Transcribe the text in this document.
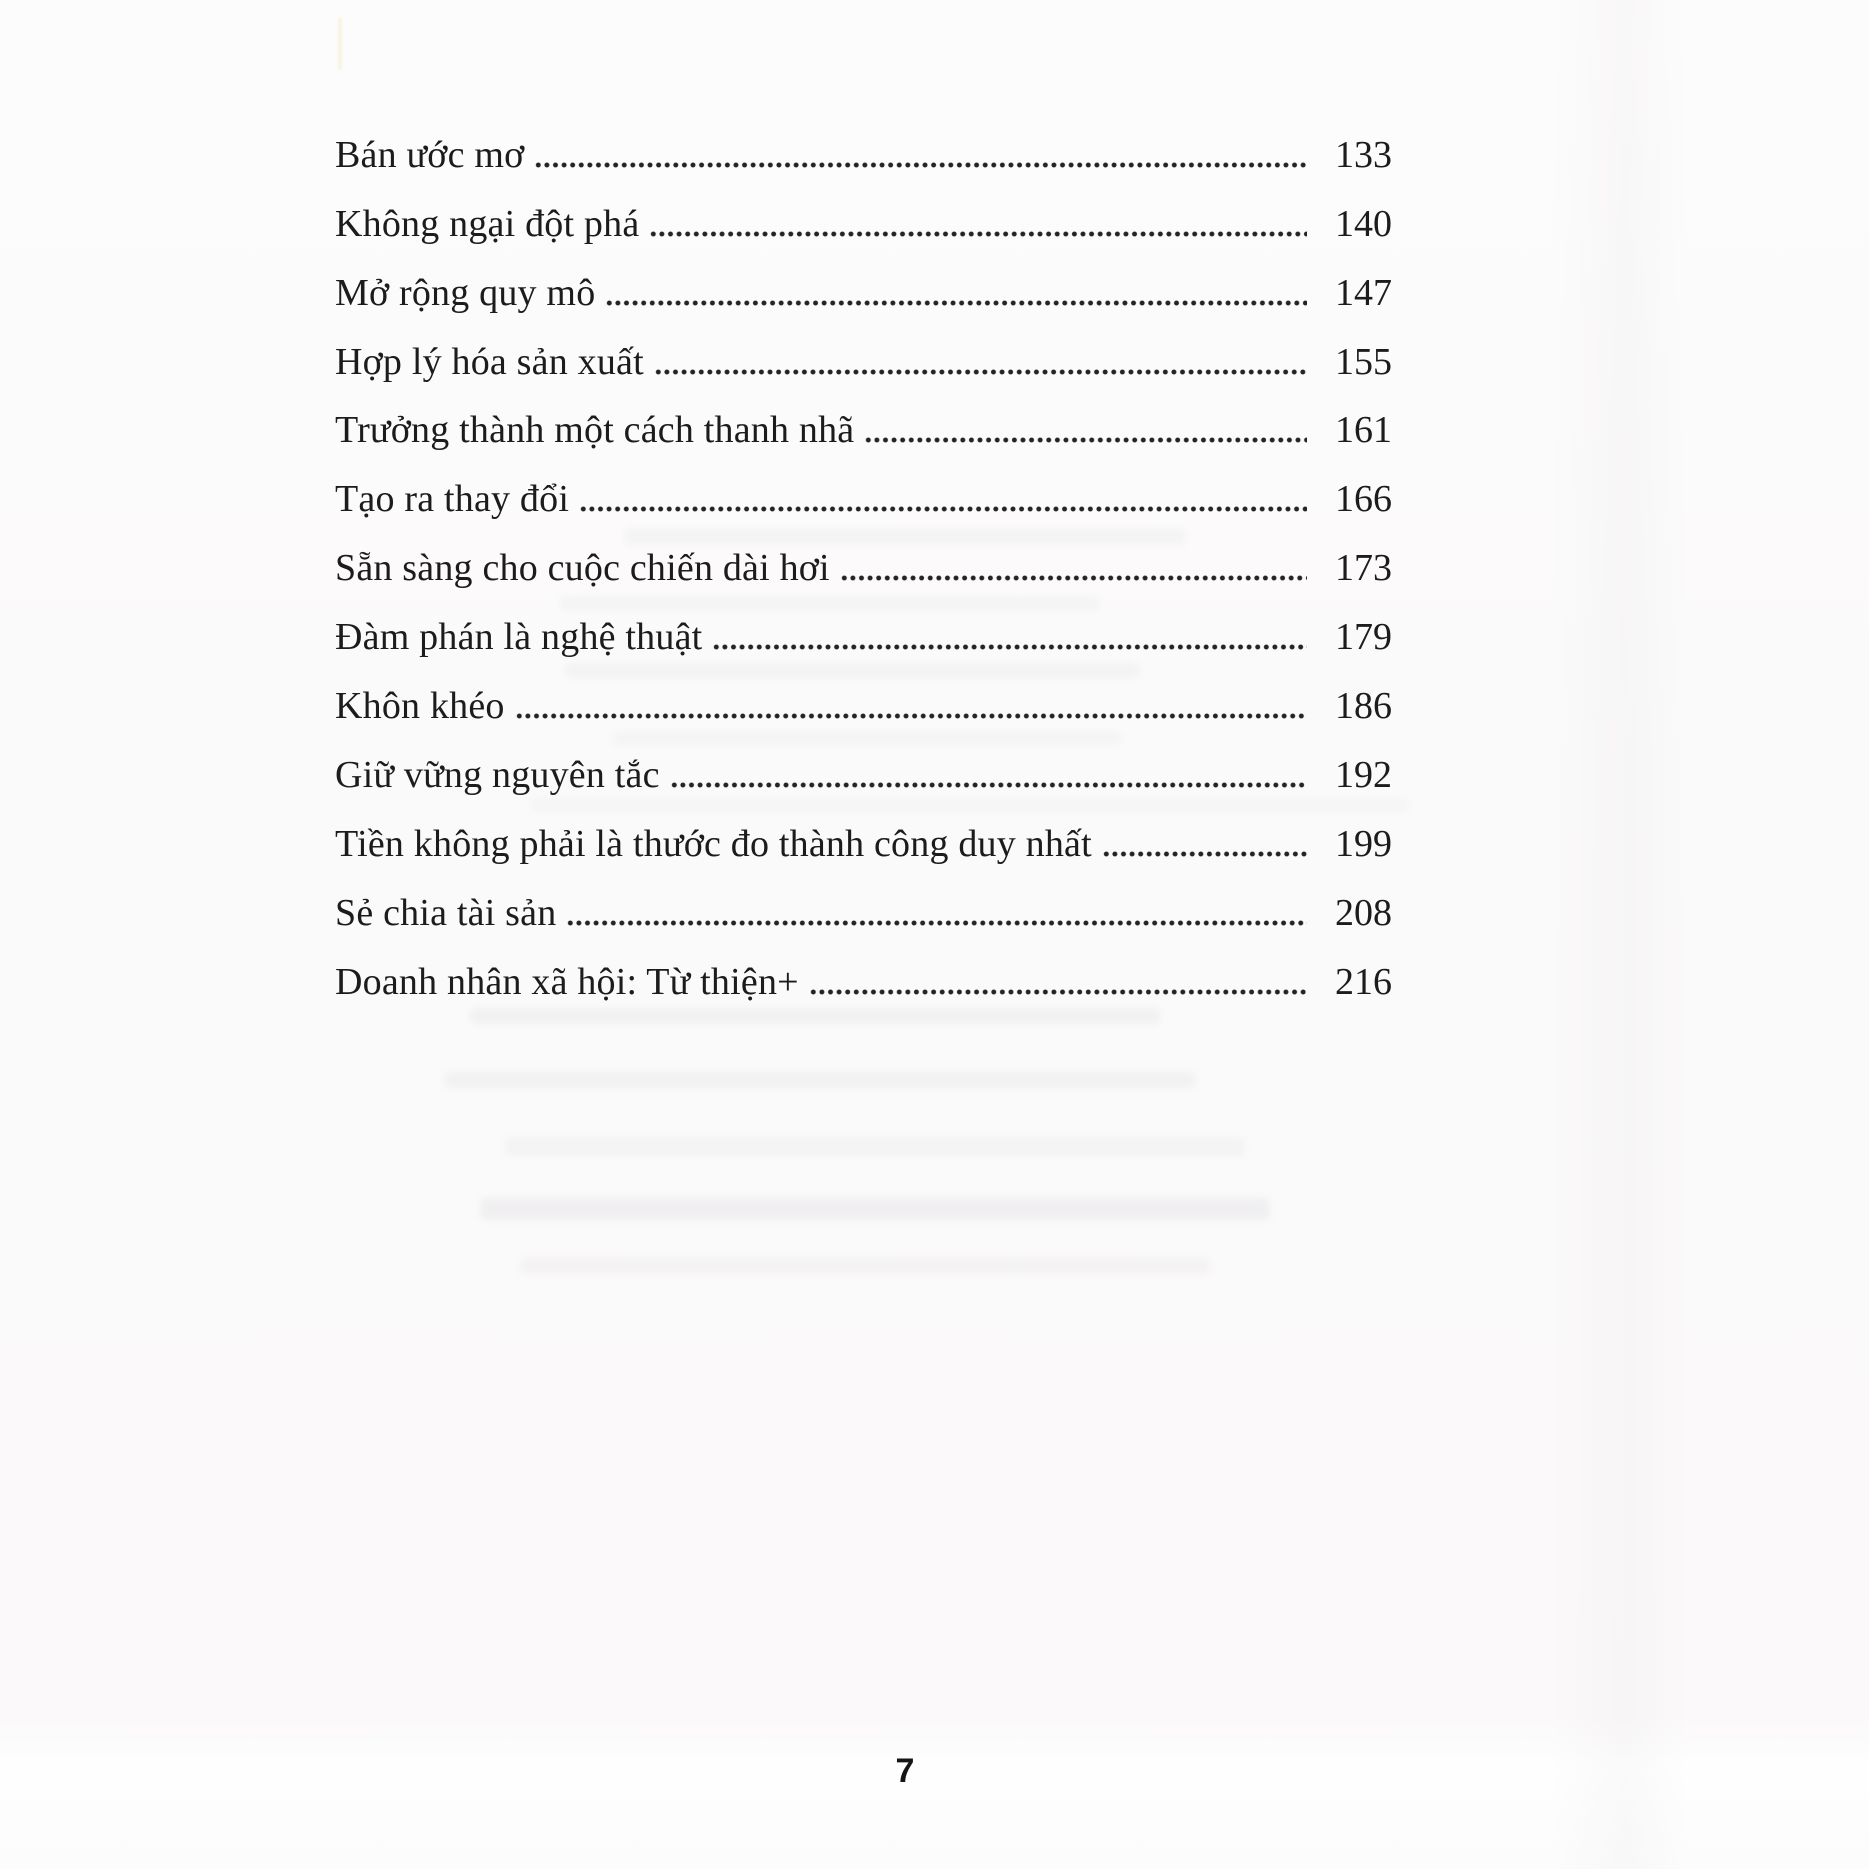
Bán ước mơ	133
Không ngại đột phá	140
Mở rộng quy mô	147
Hợp lý hóa sản xuất	155
Trưởng thành một cách thanh nhã	161
Tạo ra thay đổi	166
Sẵn sàng cho cuộc chiến dài hơi	173
Đàm phán là nghệ thuật	179
Khôn khéo	186
Giữ vững nguyên tắc	192
Tiền không phải là thước đo thành công duy nhất	199
Sẻ chia tài sản	208
Doanh nhân xã hội: Từ thiện+	216
7
